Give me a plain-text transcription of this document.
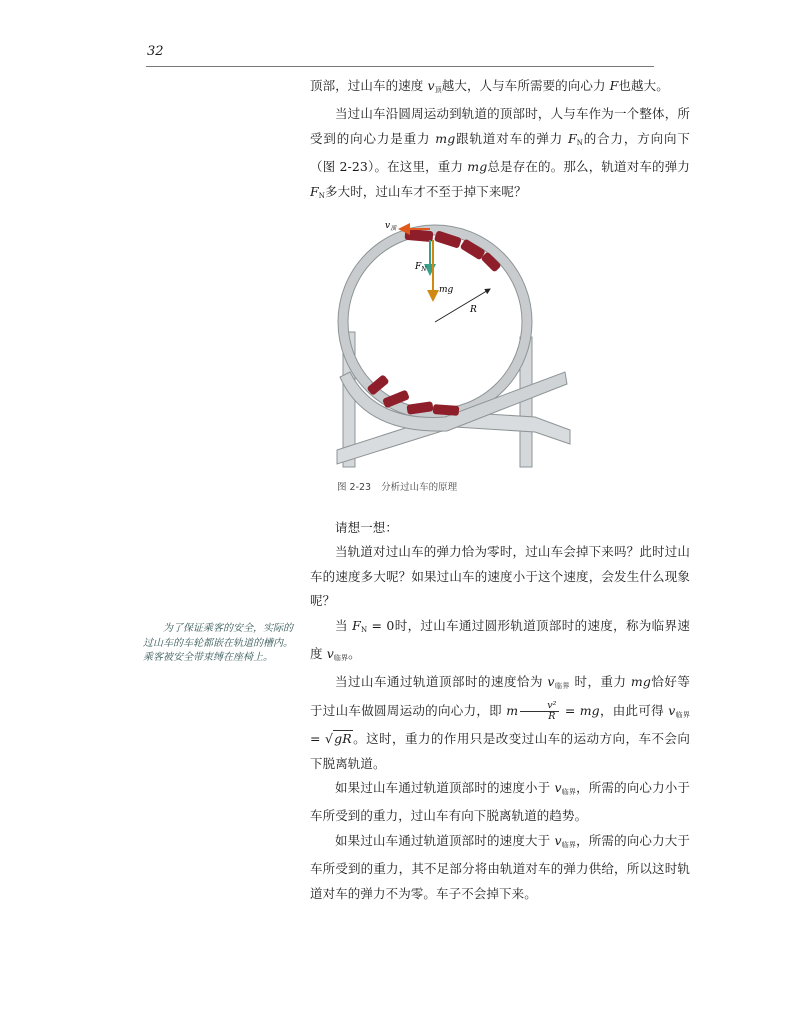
32

顶部，过山车的速度 $v_顶$越大，人与车所需要的向心力 F也越大。

当过山车沿圆周运动到轨道的顶部时，人与车作为一个整体，所受到的向心力是重力 mg跟轨道对车的弹力 $F_N$的合力，方向向下（图 2-23）。在这里，重力 mg总是存在的。那么，轨道对车的弹力 $F_N$多大时，过山车才不至于掉下来呢？

$v_顶$
$F_N$
mg
R
图 2-23 分析过山车的原理

请想一想：

当轨道对过山车的弹力恰为零时，过山车会掉下来吗？此时过山车的速度多大呢？如果过山车的速度小于这个速度，会发生什么现象呢？

当 $F_N = 0$时，过山车通过圆形轨道顶部时的速度，称为临界速度 $v_{临界}$。

当过山车通过轨道顶部时的速度恰为 $v_{临界}$ 时，重力 mg恰好等于过山车做圆周运动的向心力，即 m $\frac{\text{v²}}{R}$ = mg，由此可得 $v_{临界} = √gR$。这时，重力的作用只是改变过山车的运动方向，车不会向下脱离轨道。

如果过山车通过轨道顶部时的速度小于 $v_{临界}$，所需的向心力小于车所受到的重力，过山车有向下脱离轨道的趋势。

如果过山车通过轨道顶部时的速度大于 $v_{临界}$，所需的向心力大于车所受到的重力，其不足部分将由轨道对车的弹力供给，所以这时轨道对车的弹力不为零。车子不会掉下来。

为了保证乘客的安全，实际的过山车的车轮都嵌在轨道的槽内。乘客被安全带束缚在座椅上。
